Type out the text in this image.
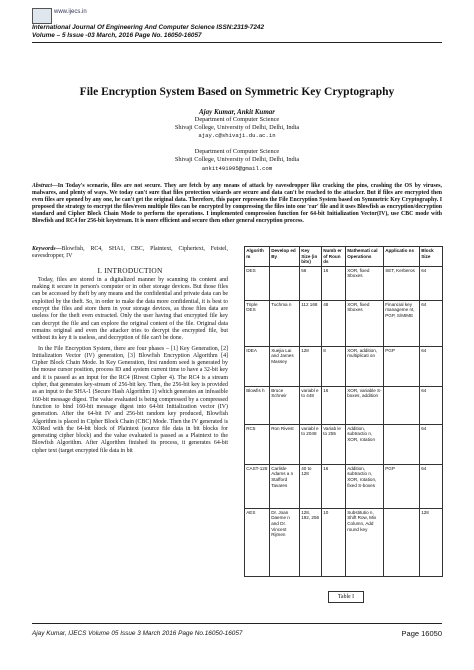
www.ijecs.in
International Journal Of Engineering And Computer Science ISSN:2319-7242
Volume – 5 Issue -03 March, 2016 Page No. 16050-16057
File Encryption System Based on Symmetric Key Cryptography
Ajay Kumar, Ankit Kumar
Department of Computer Science
Shivaji College, University of Delhi, Delhi, India
ajay.c@shivaji.du.ac.in
Department of Computer Science
Shivaji College, University of Delhi, Delhi, India
ankit491995@gmail.com
Abstract—In Today's scenario, files are not secure. They are fetch by any means of attack by eavesdropper like cracking the pins, crashing the OS by viruses, malwares, and plenty of ways. We today can't sure that files protection wizards are secure and data can't be reached to the attacker. But if files are encrypted then even files are opened by any one, he can't get the original data. Therefore, this paper represents the File Encryption System based on Symmetric Key Cryptography. I proposed the strategy to encrypt the files/even multiple files can be encrypted by compressing the files into one 'rar' file and it uses Blowfish as encryption/decryption standard and Cipher Block Chain Mode to perform the operations. I implemented compression function for 64-bit Initialization Vector(IV), use CBC mode with Blowfish and RC4 for 256-bit keystream. It is more efficient and secure then other general encryption process.
Keywords—Blowfish, RC4, SHA1, CBC, Plaintext, Ciphertext, Feistel, eavesdropper, IV
I. INTRODUCTION

Today, files are stored in a digitalized manner by scanning its content and making it secure in person's computer or in other storage devices. But those files can be accessed by theft by any means and the confidential and private data can be exploited by the theft. So, in order to make the data more confidential, it is best to encrypt the files and store them in your storage devices, as those files data are useless for the theft even extracted. Only the user having that encrypted file key can decrypt the file and can explore the original content of the file. Original data remains original and even the attacker tries to decrypt the encrypted file, but without its key it is useless, and decryption of file can't be done.

In the File Encryption System, there are four phases – [1] Key Generation, [2] Initialization Vector (IV) generation, [3] Blowfish Encryption Algorithm [4] Cipher Block Chain Mode. In Key Generation, first random seed is generated by the mouse cursor position, process ID and system current time to have a 32-bit key and it is passed as an input for the RC4 (Rivest Cipher 4). The RC4 is a stream cipher, that generates key-stream of 256-bit key. Then, the 256-bit key is provided as an input to the SHA-1 (Secure Hash Algorithm 1) which generates an infeasible 160-bit message digest. The value evaluated is being compressed by a compressed function to bind 160-bit message digest into 64-bit Initialization vector (IV) generation. After the 64-bit IV and 256-bit random key produced, Blowfish Algorithm is placed in Cipher Block Chain (CBC) Mode. Then the IV generated is XORed with the 64-bit block of Plaintext (source file data in bit blocks for generating cipher block) and the value evaluated is passed as a Plaintext to the Blowfish Algorithm. After Algorithm finished its process, it generates 64-bit cipher text (target encrypted file data in bit

Algorith m	Develop ed By	Key Size (in bits)	Numb er of Roun ds	Mathemati cal Operations	Applicatio ns	Block Size
DES		56	16	XOR, fixed Sboxes	SET, Kerberos	64
Triple DES	Tuchma n	112 168	48	XOR, fixed Sboxes	Financial key manageme nt, PGP, S/MIME	64
IDEA	Xuejia Lai and James Massey	128	8	XOR, addition, multiplicati on	PGP	64
Blowfis h	Bruce Schneir	variabl e to 448	16	XOR, variable S-boxes, addition		64
RC5	Ron Rivest	variabl e to 2048	Variab le to 255	Addition, subtractio n, XOR, rotation		64
CAST-128	Carlisle Adams a n Stafford Tavares	40 to 128	16	Addition, subtractio n, XOR, rotation, fixed S-boxes	PGP	64
AES	Dr. Joan Daeme n and Dr. Vincent Rijmen	128, 192, 256	10	Substitutio n, Shift Row, Mix Column, Add round key		128
Table I
Ajay Kumar, IJECS Volume 05 Issue 3 March 2016 Page No.16050-16057	Page 16050
